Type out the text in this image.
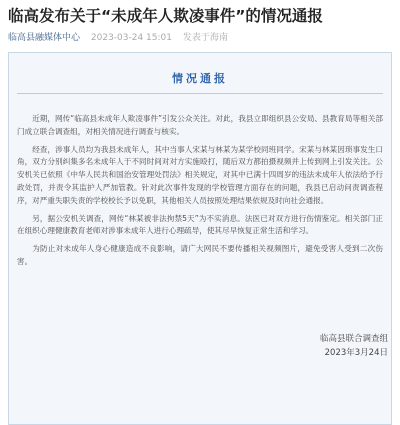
临高发布关于“未成年人欺凌事件”的情况通报
临高县融媒体中心 2023-03-24 15:01 发表于海南
情况通报

近期，网传“临高县未成年人欺凌事件”引发公众关注。对此，我县立即组织县公安局、县教育局等相关部门成立联合调查组，对相关情况进行调查与核实。

经查，涉事人员均为我县未成年人，其中当事人宋某与林某为某学校同班同学。宋某与林某因琐事发生口角，双方分别纠集多名未成年人于不同时间对对方实施殴打，随后双方都拍摄视频并上传到网上引发关注。公安机关已依照《中华人民共和国治安管理处罚法》相关规定，对其中已满十四周岁的违法未成年人依法给予行政处罚，并责令其监护人严加管教。针对此次事件发现的学校管理方面存在的问题，我县已启动问责调查程序，对严重失职失责的学校校长予以免职，其他相关人员按照处理结果依规及时向社会通报。

另，据公安机关调查，网传“林某被非法拘禁5天”为不实消息。法医已对双方进行伤情鉴定。相关部门正在组织心理健康教育老师对涉事未成年人进行心理疏导，使其尽早恢复正常生活和学习。

为防止对未成年人身心健康造成不良影响，请广大网民不要传播相关视频图片，避免受害人受到二次伤害。

临高县联合调查组
2023年3月24日
